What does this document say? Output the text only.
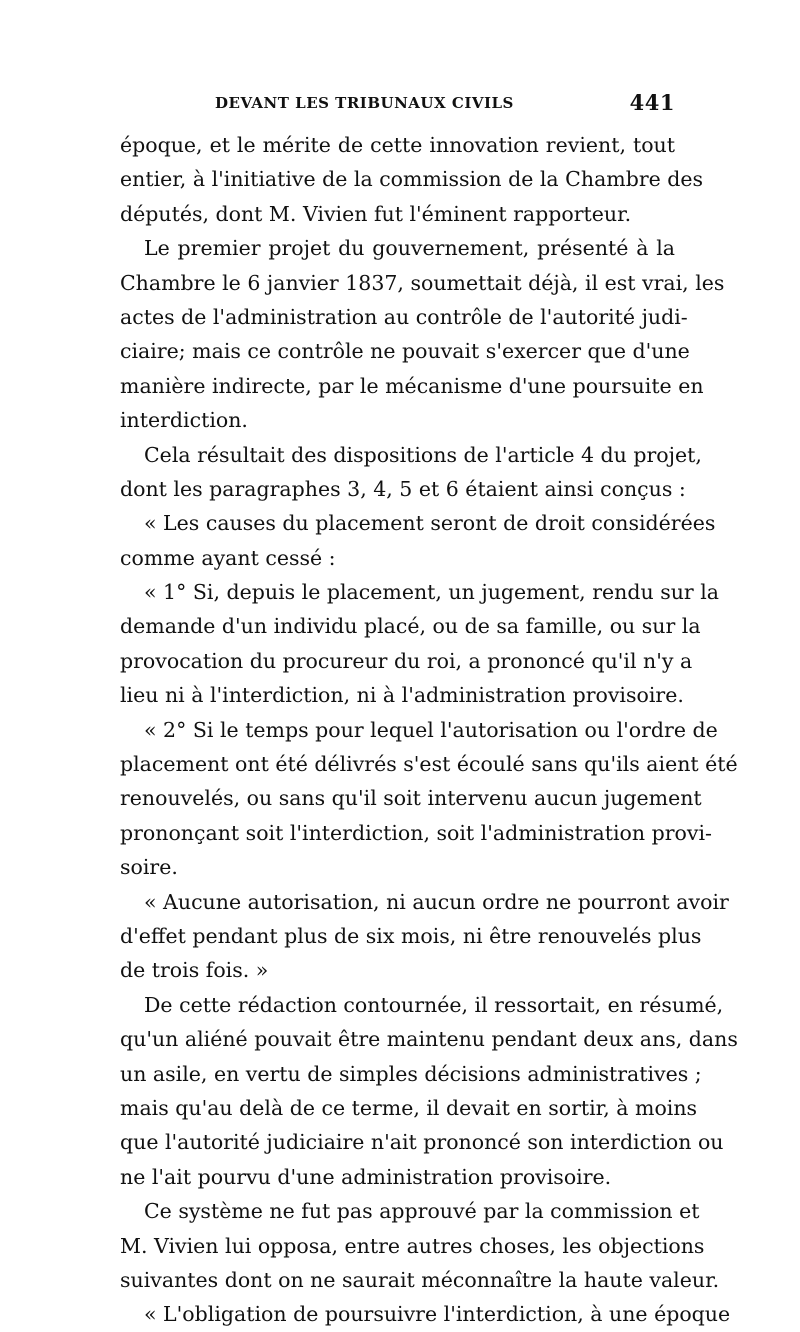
DEVANT LES TRIBUNAUX CIVILS	441
époque, et le mérite de cette innovation revient, tout
entier, à l'initiative de la commission de la Chambre des
députés, dont M. Vivien fut l'éminent rapporteur.
Le premier projet du gouvernement, présenté à la
Chambre le 6 janvier 1837, soumettait déjà, il est vrai, les
actes de l'administration au contrôle de l'autorité judi-
ciaire; mais ce contrôle ne pouvait s'exercer que d'une
manière indirecte, par le mécanisme d'une poursuite en
interdiction.
Cela résultait des dispositions de l'article 4 du projet,
dont les paragraphes 3, 4, 5 et 6 étaient ainsi conçus :
« Les causes du placement seront de droit considérées
comme ayant cessé :
« 1° Si, depuis le placement, un jugement, rendu sur la
demande d'un individu placé, ou de sa famille, ou sur la
provocation du procureur du roi, a prononcé qu'il n'y a
lieu ni à l'interdiction, ni à l'administration provisoire.
« 2° Si le temps pour lequel l'autorisation ou l'ordre de
placement ont été délivrés s'est écoulé sans qu'ils aient été
renouvelés, ou sans qu'il soit intervenu aucun jugement
prononçant soit l'interdiction, soit l'administration provi-
soire.
« Aucune autorisation, ni aucun ordre ne pourront avoir
d'effet pendant plus de six mois, ni être renouvelés plus
de trois fois. »
De cette rédaction contournée, il ressortait, en résumé,
qu'un aliéné pouvait être maintenu pendant deux ans, dans
un asile, en vertu de simples décisions administratives ;
mais qu'au delà de ce terme, il devait en sortir, à moins
que l'autorité judiciaire n'ait prononcé son interdiction ou
ne l'ait pourvu d'une administration provisoire.
Ce système ne fut pas approuvé par la commission et
M. Vivien lui opposa, entre autres choses, les objections
suivantes dont on ne saurait méconnaître la haute valeur.
« L'obligation de poursuivre l'interdiction, à une époque
